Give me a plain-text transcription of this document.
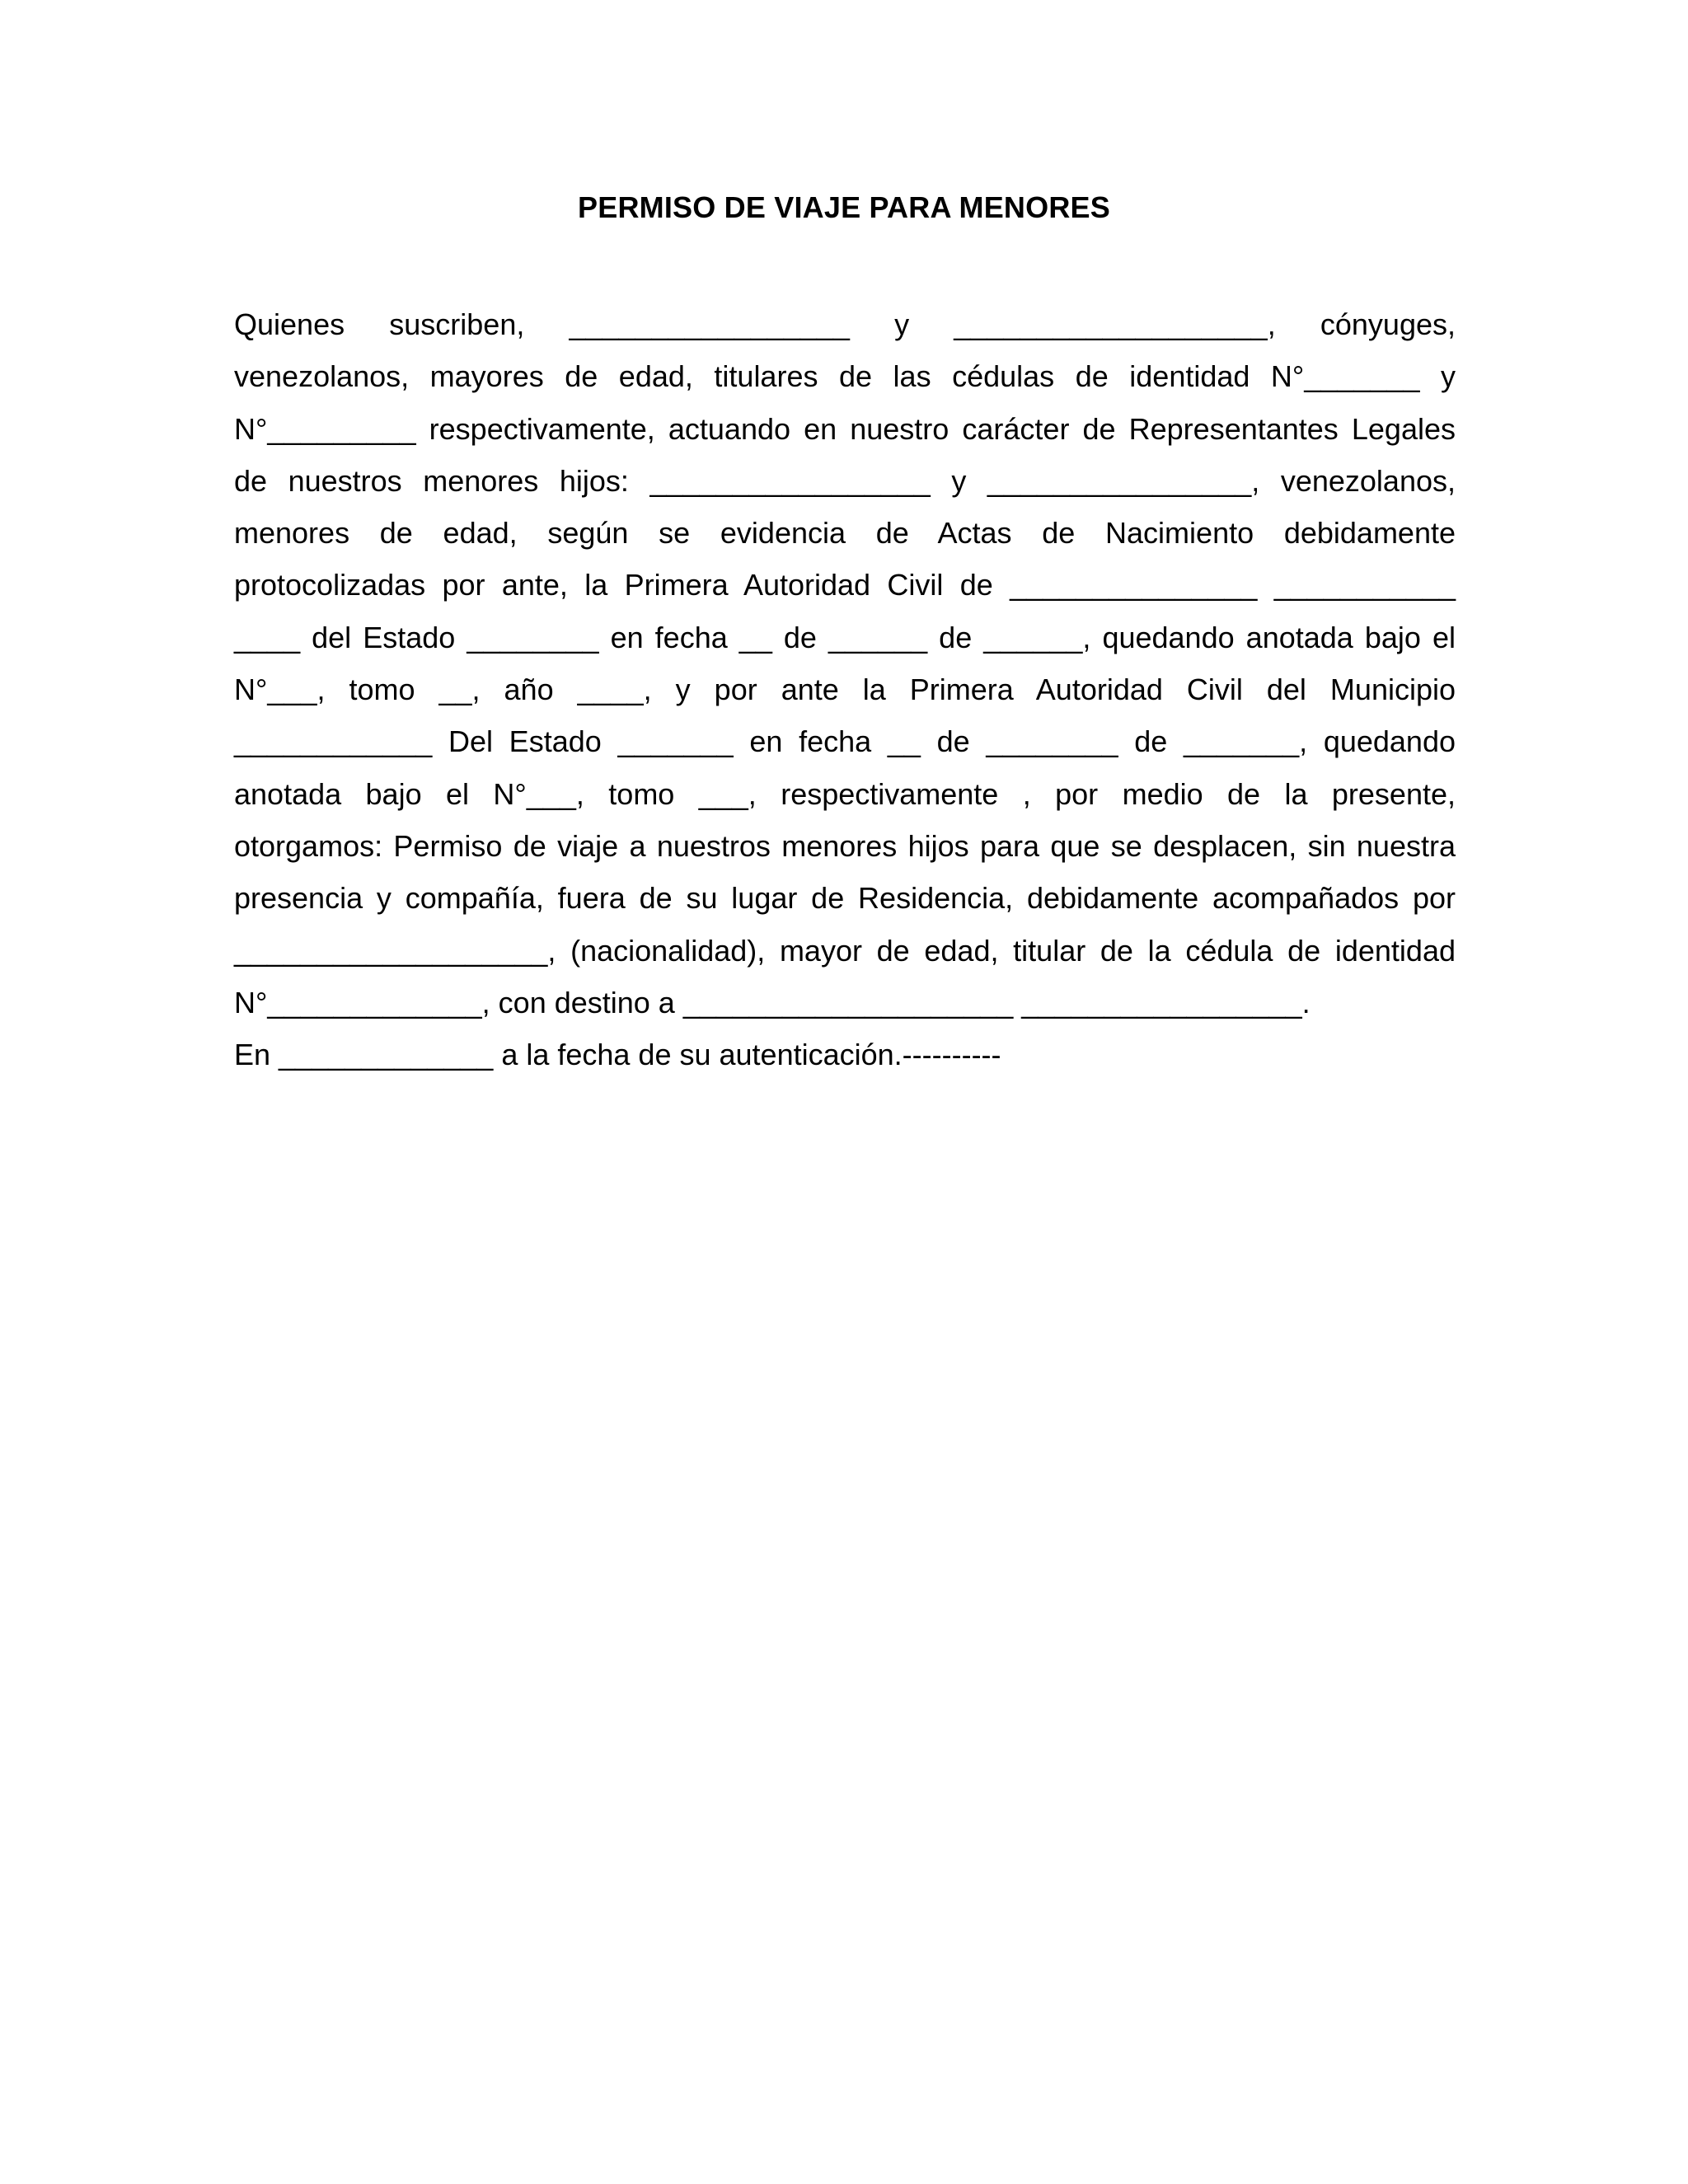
PERMISO DE VIAJE PARA MENORES
Quienes suscriben, _________________ y ___________________, cónyuges,
venezolanos, mayores de edad, titulares de las cédulas de identidad N°_______ y
N°_________ respectivamente, actuando en nuestro carácter de Representantes Legales
de nuestros menores hijos: _________________ y ________________, venezolanos,
menores de edad, según se evidencia de Actas de Nacimiento debidamente
protocolizadas por ante, la Primera Autoridad Civil de _______________ ___________
____ del Estado ________ en fecha __ de ______ de ______, quedando anotada bajo el
N°___, tomo __, año ____, y por ante la Primera Autoridad Civil del Municipio
____________ Del Estado _______ en fecha __ de ________ de _______, quedando
anotada bajo el N°___, tomo ___, respectivamente , por medio de la presente,
otorgamos: Permiso de viaje a nuestros menores hijos para que se desplacen, sin nuestra
presencia y compañía, fuera de su lugar de Residencia, debidamente acompañados por
___________________, (nacionalidad), mayor de edad, titular de la cédula de identidad
N°_____________, con destino a ____________________ _________________.
En _____________ a la fecha de su autenticación.----------
